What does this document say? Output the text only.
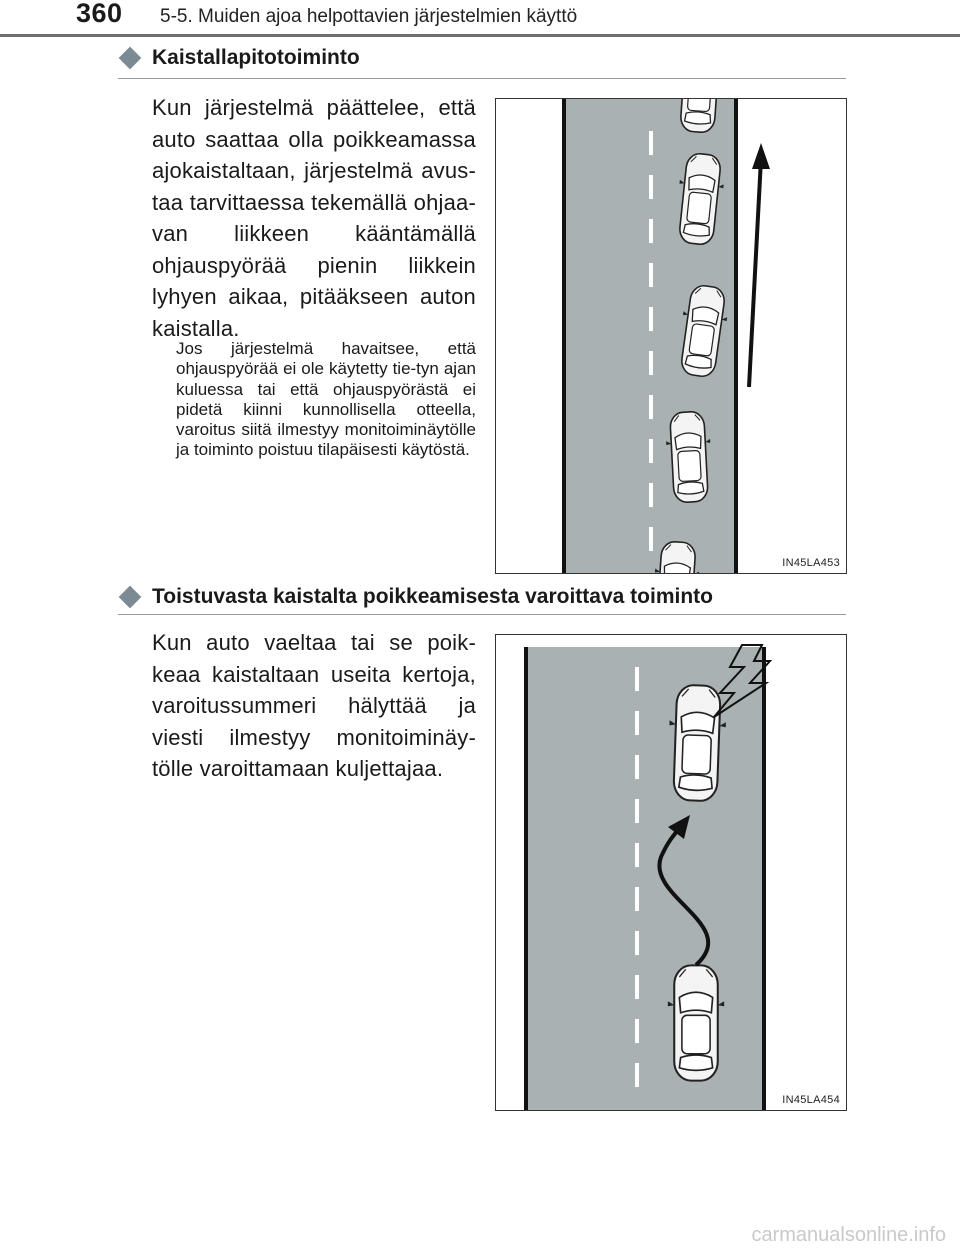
360 5-5. Muiden ajoa helpottavien järjestelmien käyttö
Kaistallapitotoiminto
Kun järjestelmä päättelee, että auto saattaa olla poikkeamassa ajokaistaltaan, järjestelmä avus-taa tarvittaessa tekemällä ohjaa-van liikkeen kääntämällä ohjauspyörää pienin liikkein lyhyen aikaa, pitääkseen auton kaistalla.
Jos järjestelmä havaitsee, että ohjauspyörää ei ole käytetty tie-tyn ajan kuluessa tai että ohjauspyörästä ei pidetä kiinni kunnollisella otteella, varoitus siitä ilmestyy monitoiminäytölle ja toiminto poistuu tilapäisesti käytöstä.
IN45LA453
Toistuvasta kaistalta poikkeamisesta varoittava toiminto
Kun auto vaeltaa tai se poik-keaa kaistaltaan useita kertoja, varoitussummeri hälyttää ja viesti ilmestyy monitoiminäy-tölle varoittamaan kuljettajaa.
IN45LA454
carmanualsonline.info
